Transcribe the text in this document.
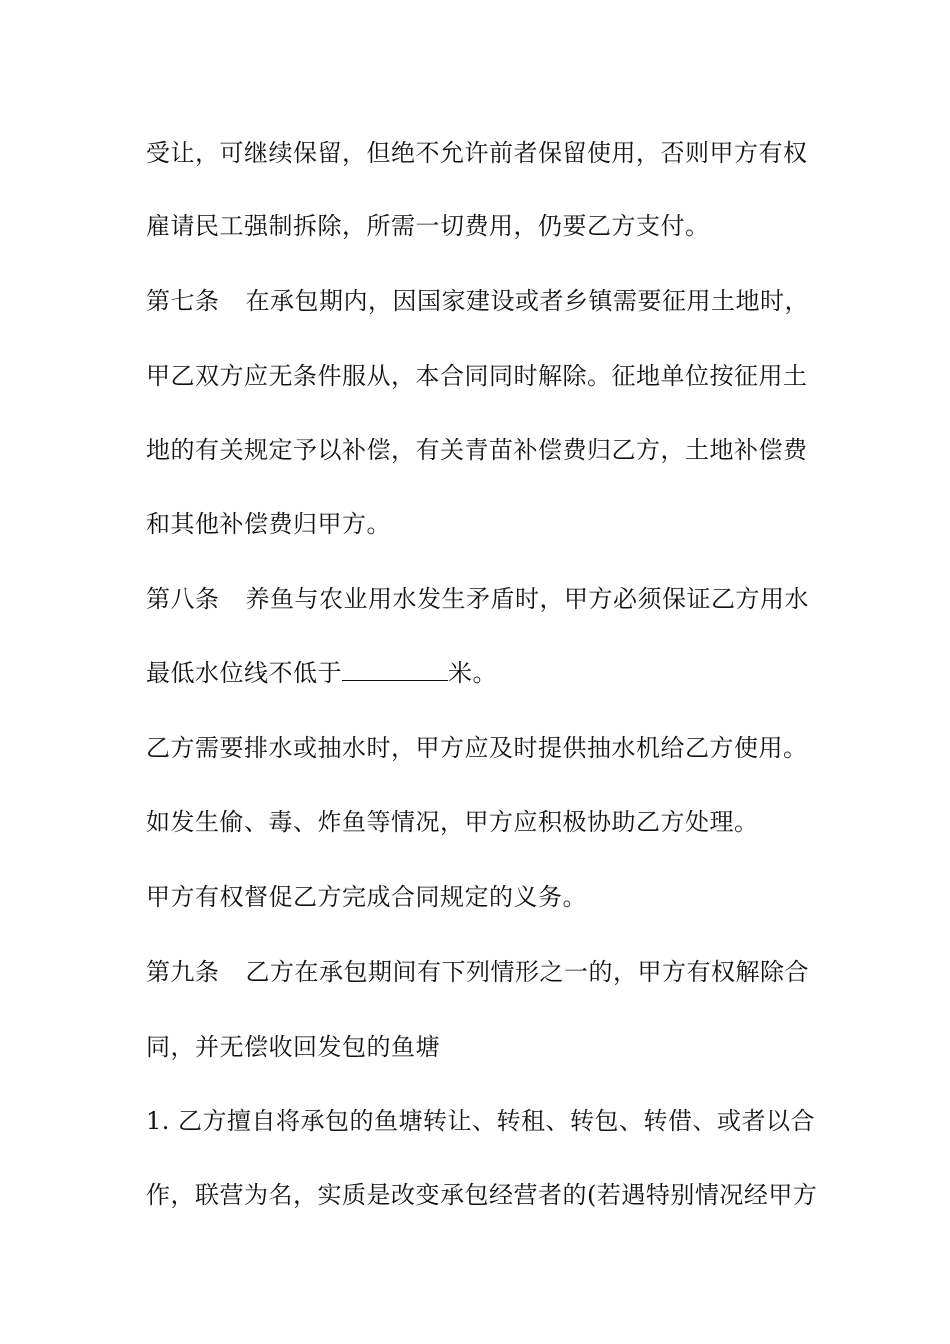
受让，可继续保留，但绝不允许前者保留使用，否则甲方有权
雇请民工强制拆除，所需一切费用，仍要乙方支付。
第七条 在承包期内，因国家建设或者乡镇需要征用土地时，
甲乙双方应无条件服从，本合同同时解除。征地单位按征用土
地的有关规定予以补偿，有关青苗补偿费归乙方，土地补偿费
和其他补偿费归甲方。
第八条 养鱼与农业用水发生矛盾时，甲方必须保证乙方用水
最低水位线不低于	米。
乙方需要排水或抽水时，甲方应及时提供抽水机给乙方使用。
如发生偷、毒、炸鱼等情况，甲方应积极协助乙方处理。
甲方有权督促乙方完成合同规定的义务。
第九条 乙方在承包期间有下列情形之一的，甲方有权解除合
同，并无偿收回发包的鱼塘
1. 乙方擅自将承包的鱼塘转让、转租、转包、转借、或者以合
作，联营为名，实质是改变承包经营者的(若遇特别情况经甲方
